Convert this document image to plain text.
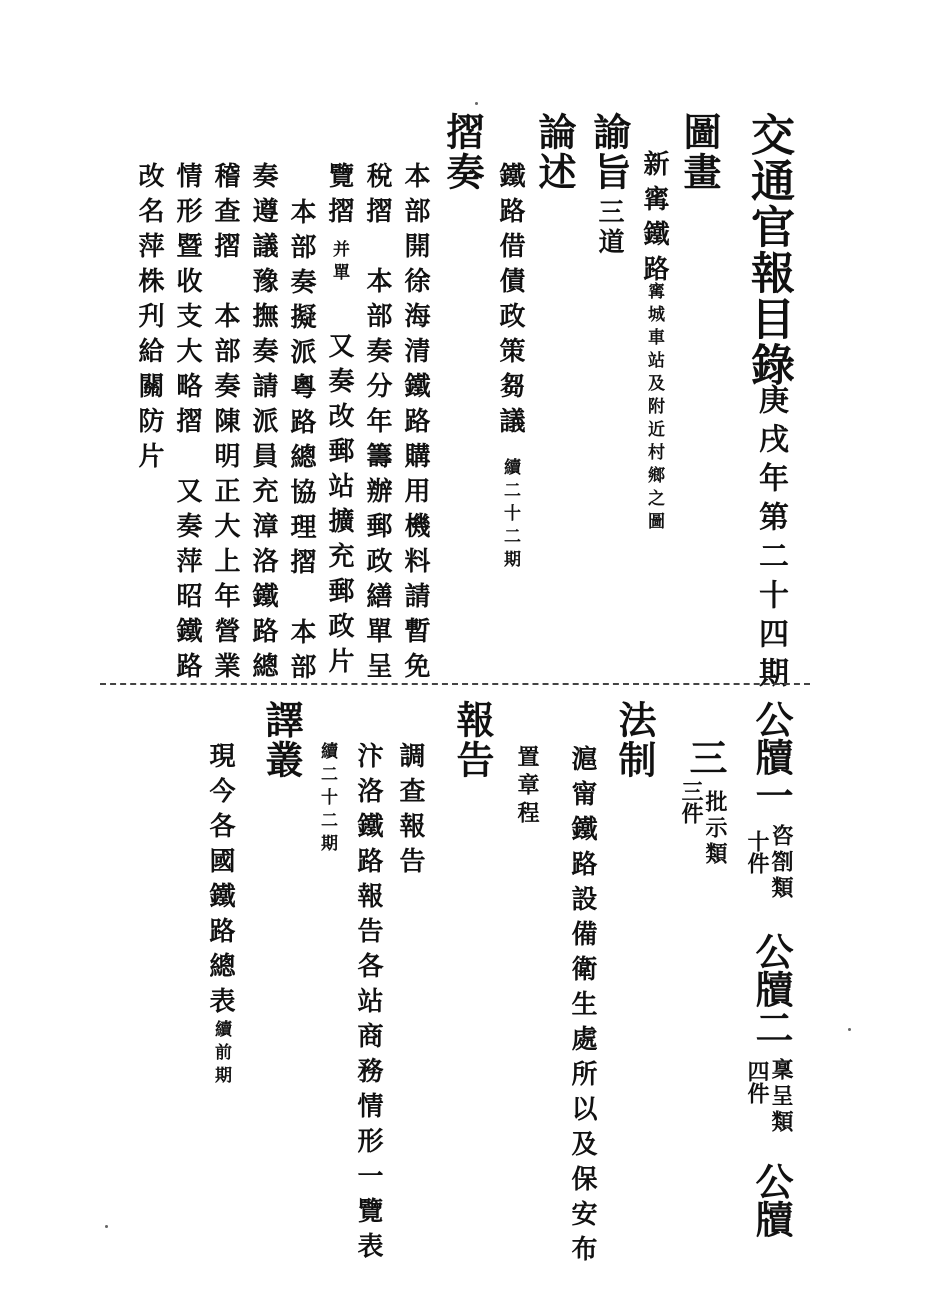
交通官報目錄
庚戌年第二十四期
圖畫
新寗鐵路
寗城車站及附近村鄉之圖
諭旨
三道
論述
鐵路借債政策芻議
續二十二期
摺奏
本部開徐海清鐵路購用機料請暫免
稅摺　本部奏分年籌辦郵政繕單呈
覽摺
并單
又奏改郵站擴充郵政片
本部奏擬派粵路總協理摺　本部
奏遵議豫撫奏請派員充漳洛鐵路總
稽查摺　本部奏陳明正大上年營業
情形暨收支大略摺　又奏萍昭鐵路
改名萍株刋給關防片
公牘一
十件
咨劄類
公牘二
四件
稟呈類
公牘
三
三件
批示類
法制
滬甯鐵路設備衛生處所以及保安布
置章程
報告
調查報告
汴洛鐵路報告各站商務情形一覽表
續二十二期
譯叢
現今各國鐵路總表
續前期
